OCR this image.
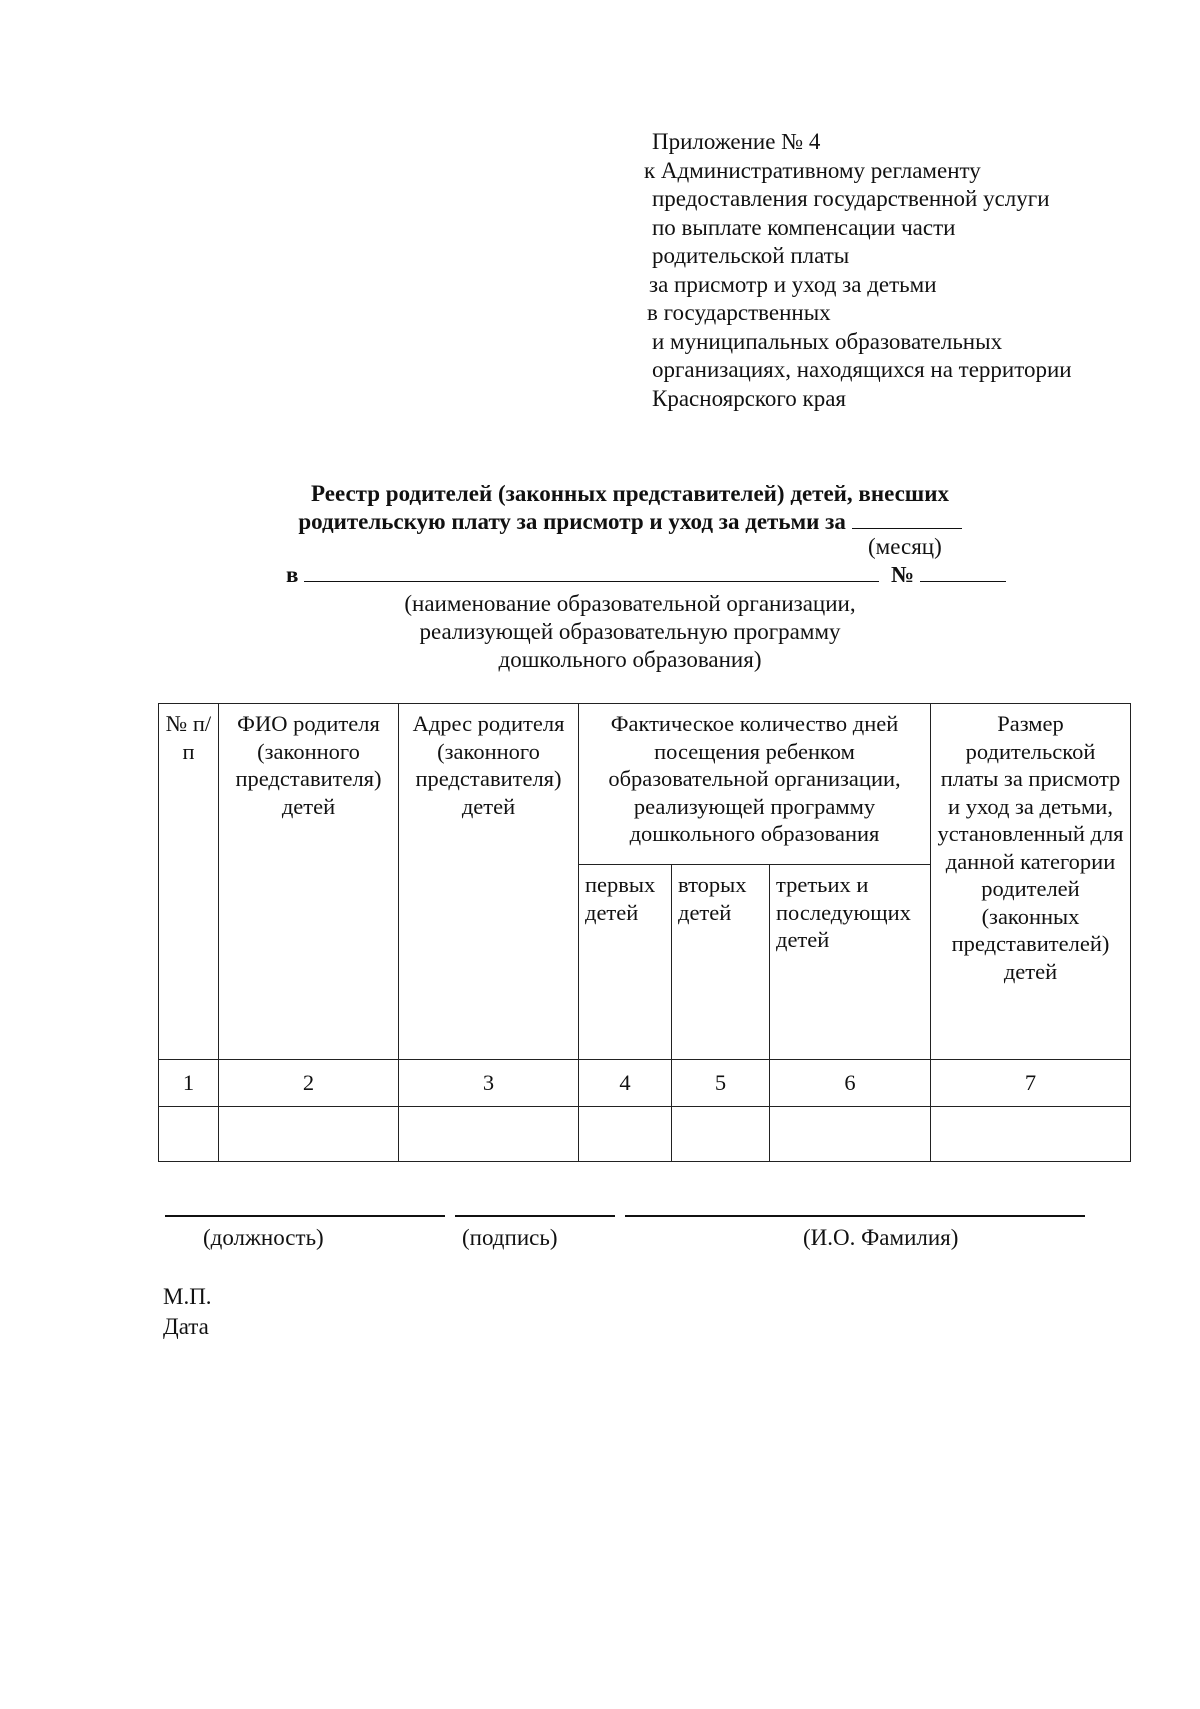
Приложение № 4
к Административному регламенту
предоставления государственной услуги
по выплате компенсации части
родительской платы
за присмотр и уход за детьми
в государственных
и муниципальных образовательных
организациях, находящихся на территории
Красноярского края
Реестр родителей (законных представителей) детей, внесших
родительскую плату за присмотр и уход за детьми за
(месяц)
в	№
(наименование образовательной организации,
реализующей образовательную программу
дошкольного образования)
№ п/п	ФИО родителя (законного представителя) детей	Адрес родителя (законного представителя) детей	Фактическое количество дней посещения ребенком образовательной организации, реализующей программу дошкольного образования			Размер родительской платы за присмотр и уход за детьми, установленный для данной категории родителей (законных представителей) детей
			первых детей	вторых детей	третьих и последующих детей	
1	2	3	4	5	6	7

(должность)	(подпись)	(И.О. Фамилия)
М.П.
Дата
